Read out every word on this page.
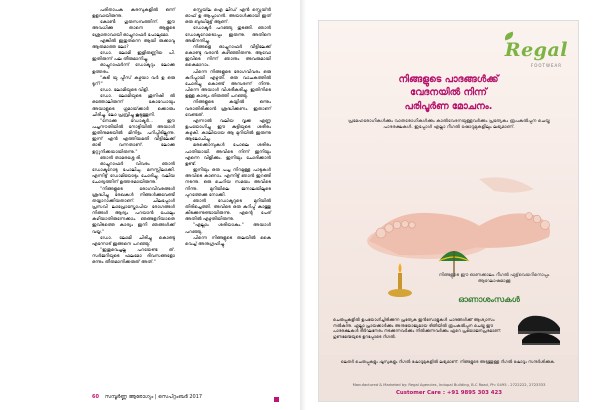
പരിതാപക കരസുകളിൽ ഒന്ന് ഉളവായിരുന്നു.

കോൺ ഗുരുസമ്പത്തിന്. ഈ അവധിക്കു താനെ ആളുടെ ശ്രോതാവായി ഓച്ചുറാഫർ പോലുമോ.

എങ്കിൽ ഇതുതന്നെ ആയി രുക്കാവു ആരുമാത്ത ലോ?

ഡോ. ലോമി ഇളിരുണ്ണിയ പി. ഇതിരുന്ന് പല തീരുമാനിച്ചു.

ഓച്ചുറാഫർന്ന് ഡോക്ടറും ലോക്ക ഉത്തരം.

"കുടി യു പ്പീസ് കഴ്ചയാ വർ ഉ ഒരു ടൂറ്?"

ഡോ. ലോമിയുടെ വിളി.

ഡോ. ലോമിയുടെ ശുനിഷി ൽ ഒത്തോലിരുന്ന് കോഡോയും അയാളുടെ ഗ്ലമായ്‌ക്കാർ ക്കൊരും ചിരിച്ചു. ലോ പ്രമ്പ്രിച്ചു കൂടുത്തുനി.

"നോക്കു ഡോക്ടർ... ഈ പച്ചനൗതിയിൽ നോട്ടിയിൽ അയാൾ ഇതിനുമടയിൽ മിനിട്ടം പറിപ്പിടില്ലുന്നു. ഇന്ന് എൻ എത്തിയമതി വീട്ടിലേക്ക് ഓടി വന്നതാണ്. ലോക്ക ഉറ്റുനിക്കയായിരുന്നു."

ഞാൻ താമരശ്ശേ രി.

ഓച്ചുറാഫർ വിവരം ഞാൻ ഡോക്ടറോടു പോലിചു. മനസ്സിലാക്കി. എന്നിട്ട് ഡോമിയോടും ചോദിച്ചു. വലിയ ചോദ്യത്തിന് ഉത്തരമായിരുന്നു.

"നിങ്ങളുടെ രോഗവിവരങ്ങൾ ശ്രദ്ധിച്ചു രേഖകൾ നിങ്ങൾക്കുവേണ്ടി തയ്യാറാക്കിയതാണ്. ചിലപ്പോൾ പ്രസവി ലാപ്രോസ്കോപിയ രോഗങ്ങൾ നിങ്ങൾ ആദ്യം പറയാൻ പോലും കഴിയാതിരുന്നേക്കാം. ഞങ്ങളറിയാതെ ഇവിടത്തെ കാര്യം ഇനി ഞങ്ങൾക്ക് വയ്യ."

ഡോ. ലോമി ചിരിച്ചു കൊണ്ടു എന്നോട് ഇങ്ങനെ പറഞ്ഞു:

"ഇതുവെച്ചല്ല പറയേണ്ട ത്. സർജറിയുടെ ഫലമോ ദിവസങ്ങളോ ഒന്നും തീരുമാനിക്കരുത് അത്."

സ്റ്റെയ്‌ല ഐ ലിഡ് എൻ സ്റ്റെയ്‌ൻ ഓഫ് ഉ ആപ്പാഗൻ. അയാൾക്കായി ഇത് ഒരു ബുദ്ധിമുട്ട് ആണ്.

ഡോക്ടർ പറഞ്ഞു തുടങ്ങി. ഞാൻ ഡോക്ടറോടൊപ്പം ഇരുന്നു. അതിനെ അഭിനന്ദിച്ചു.

നിങ്ങളെ ഓച്ചുറാഫർ വീട്ടിലേക്ക് കൊണ്ടു വരാൻ കഴിഞ്ഞിരുന്നു. ആവോ ഇവിടെ നിന്ന് ഞാനും അവരുമായി കൈമാറാം.

പിന്നെ നിങ്ങളുടെ രോഗവിവരം ഒരു കുറിപ്പായി എഴുതി. ഒരു വാചകത്തിൽ ചോദിച്ചു കൊണ്ട് അമ്പരന്ന് നിന്നു. പിന്നെ അയാൾ വിശദീകരിച്ചു. ഇതിനിടെ ഉള്ള കാര്യം തിരുത്തി പറഞ്ഞു.

നിങ്ങളുടെ കയ്യിൽ ഒന്നും വരാതിരിക്കാൻ ശ്രദ്ധിക്കണം. ഇതാണ് വേണ്ടത്.

എന്നാൽ വലിയ വൃക്ക എണ്ണ ഉപയോഗിച്ചു ഈ കുട്ടിയുടെ ശരീരം കഴുകി. കാലിയായ ആ മുറിയിൽ ഇരുന്നു ആലോചിച്ചു.

മരക്കൊമ്പുകൾ പോലെ ശരിരം പാതിയായി. അവിടെ നിന്ന് ഇനിയും എന്നെ വിളിക്കും. ഇനിയും ചോദിക്കാൻ ഉണ്ട്.

ഇനിയും ഒരു പച്ച നിറമുള്ള പാടുകൾ അവിടെ കാണാം. എന്നിട്ട് ഞാൻ ഇറങ്ങി നടന്നു. ഒരു ചെറിയ സമയം അവിടെ നിന്നു. മുറിയിലെ ജനാലയിലൂടെ പുറത്തേക്കു നോക്കി.

ഞാൻ ഡോക്ടറുടെ മുറിയിൽ തിരിച്ചെത്തി. അവിടെ ഒരു കുറിപ്പ് കാത്തു കിടക്കുന്നുണ്ടായിരുന്നു. എന്റെ പേര് അതിൽ എഴുതിയിരുന്നു.

"എല്ലാം ശരിയാകും." അയാൾ പറഞ്ഞു.

പിന്നെ നിങ്ങളുടെ തലയിൽ കൈ വെച്ച് അനുഗ്രഹിച്ചു.

60 സമ്പൂർണ്ണ ആരോഗ്യം | സെപ്റ്റംബർ 2017
Regal
FOOTWEAR
നിങ്ങളുടെ പാദങ്ങൾക്ക്
വേദനയിൽ നിന്ന്
പരിപൂർണ മോചനം.
പ്രമേഹരോഗികൾക്കും വാതരോഗികൾക്കും കാൽവേദനയുള്ളവർക്കും പ്രത്യേകം രൂപകൽപ്പന ചെയ്ത പാദരക്ഷകൾ. ഇപ്പോൾ എല്ലാ റീഗൽ ഷോറൂമുകളിലും ലഭ്യമാണ്.
നിങ്ങളുടെ ഈ ഓണക്കാലം റീഗൽ ഫുട്ട്‌വെയറിനൊപ്പം ആഘോഷമാക്കൂ
ഓണാശംസകൾ
ചെരുപ്പുകളിൽ ഉപയോഗിച്ചിരിക്കുന്ന പ്രത്യേക ഇൻസോളുകൾ പാദങ്ങൾക്ക് ആശ്വാസം നൽകുന്നു. എല്ലാ പ്രായക്കാർക്കും അനുയോജ്യമായ രീതിയിൽ രൂപകൽപ്പന ചെയ്ത ഈ പാദരക്ഷകൾ ദീർഘനേരം നടക്കുന്നവർക്കും നിൽക്കുന്നവർക്കും ഏറെ പ്രയോജനപ്രദമാണ്. ഗുണമേന്മയുടെ ഉറപ്പോടെ റീഗൽ.
ലെതർ ചെരുപ്പുകളും ഷൂസുകളും റീഗൽ ഷോറൂമുകളിൽ ലഭ്യമാണ്. നിങ്ങളുടെ അടുത്തുള്ള റീഗൽ ഷോറൂം സന്ദർശിക്കുക.
Manufactured & Marketed by: Regal Agencies, Indupal Building, B.C Road, Ph: 0495 - 2722222, 2723333
Customer Care : +91 9895 303 423
